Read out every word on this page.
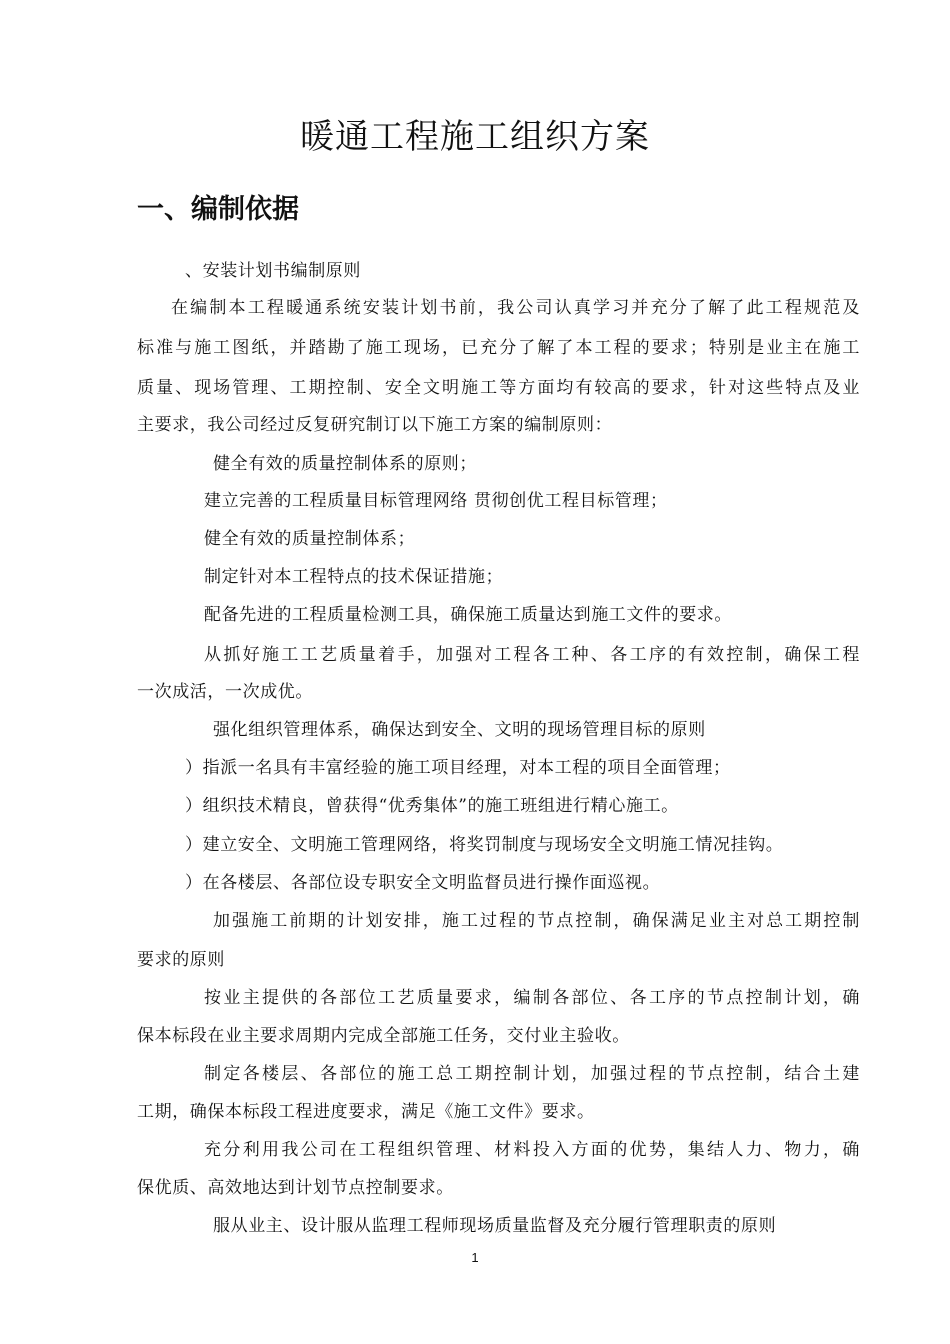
暖通工程施工组织方案
一、编制依据
、安装计划书编制原则
在编制本工程暖通系统安装计划书前，我公司认真学习并充分了解了此工程规范及
标准与施工图纸，并踏勘了施工现场，已充分了解了本工程的要求；特别是业主在施工
质量、现场管理、工期控制、安全文明施工等方面均有较高的要求，针对这些特点及业
主要求，我公司经过反复研究制订以下施工方案的编制原则：
健全有效的质量控制体系的原则；
建立完善的工程质量目标管理网络 贯彻创优工程目标管理；
健全有效的质量控制体系；
制定针对本工程特点的技术保证措施；
配备先进的工程质量检测工具，确保施工质量达到施工文件的要求。
从抓好施工工艺质量着手，加强对工程各工种、各工序的有效控制，确保工程
一次成活，一次成优。
强化组织管理体系，确保达到安全、文明的现场管理目标的原则
）指派一名具有丰富经验的施工项目经理，对本工程的项目全面管理；
）组织技术精良，曾获得“优秀集体”的施工班组进行精心施工。
）建立安全、文明施工管理网络，将奖罚制度与现场安全文明施工情况挂钩。
）在各楼层、各部位设专职安全文明监督员进行操作面巡视。
加强施工前期的计划安排，施工过程的节点控制，确保满足业主对总工期控制
要求的原则
按业主提供的各部位工艺质量要求，编制各部位、各工序的节点控制计划，确
保本标段在业主要求周期内完成全部施工任务，交付业主验收。
制定各楼层、各部位的施工总工期控制计划，加强过程的节点控制，结合土建
工期，确保本标段工程进度要求，满足《施工文件》要求。
充分利用我公司在工程组织管理、材料投入方面的优势，集结人力、物力，确
保优质、高效地达到计划节点控制要求。
服从业主、设计服从监理工程师现场质量监督及充分履行管理职责的原则
1
